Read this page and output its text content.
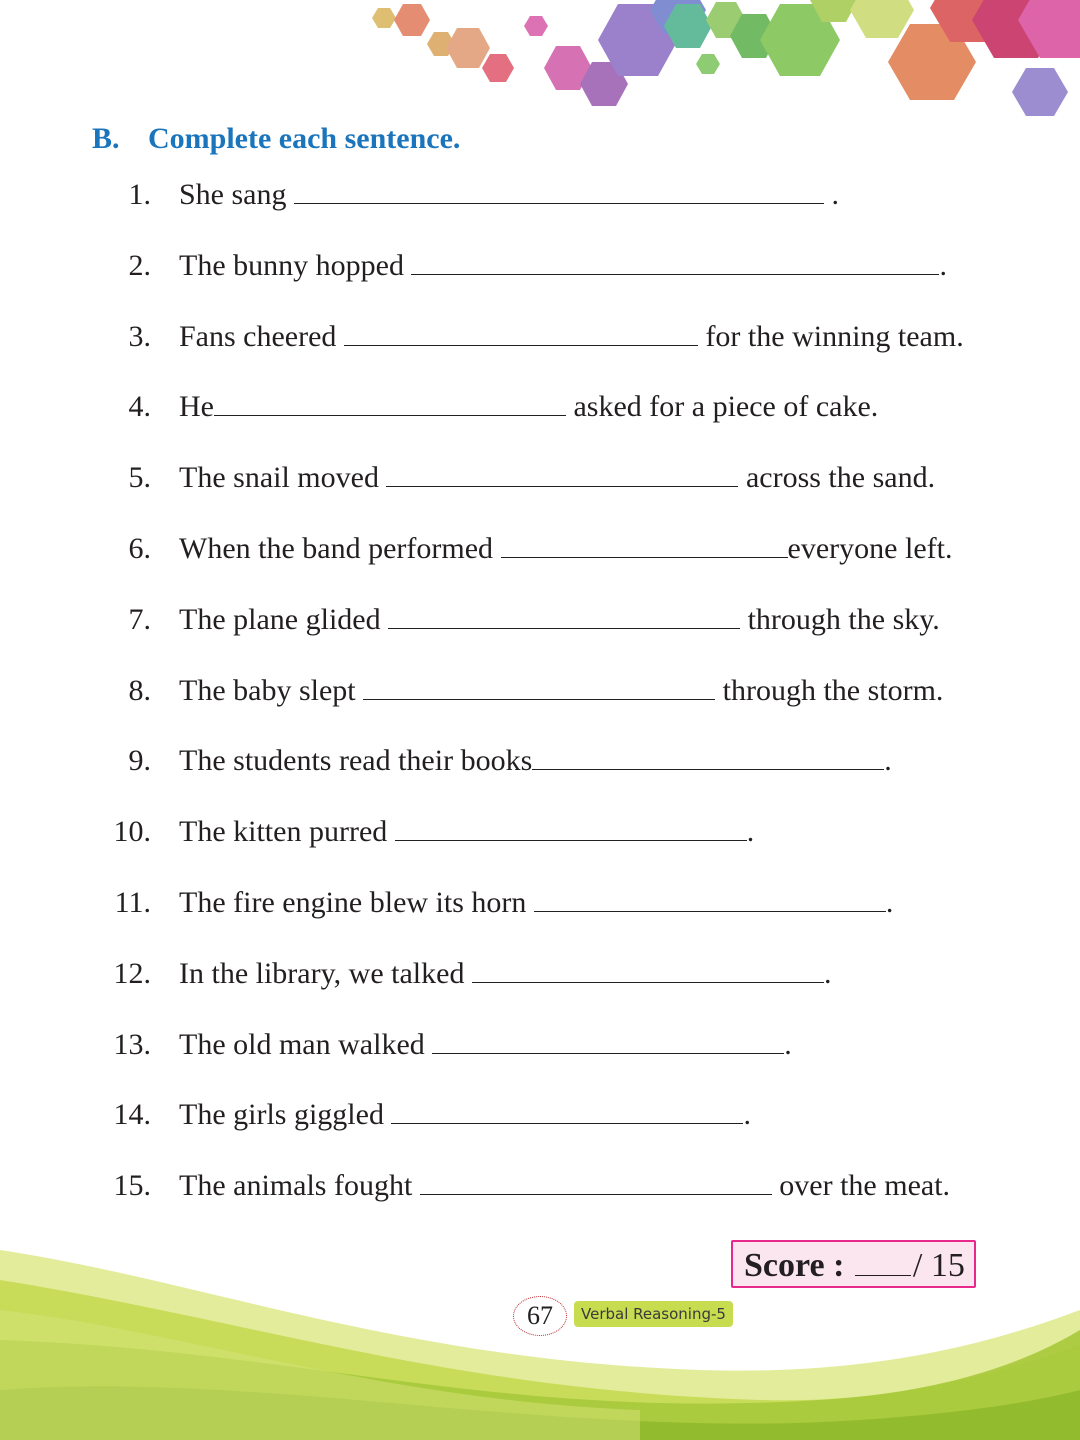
B. Complete each sentence.
1. She sang	.
2. The bunny hopped	.
3. Fans cheered	for the winning team.
4. He	asked for a piece of cake.
5. The snail moved	across the sand.
6. When the band performed	everyone left.
7. The plane glided	through the sky.
8. The baby slept	through the storm.
9. The students read their books	.
10. The kitten purred	.
11. The fire engine blew its horn	.
12. In the library, we talked	.
13. The old man walked	.
14. The girls giggled	.
15. The animals fought	over the meat.
Score : / 15
67	Verbal Reasoning-5
